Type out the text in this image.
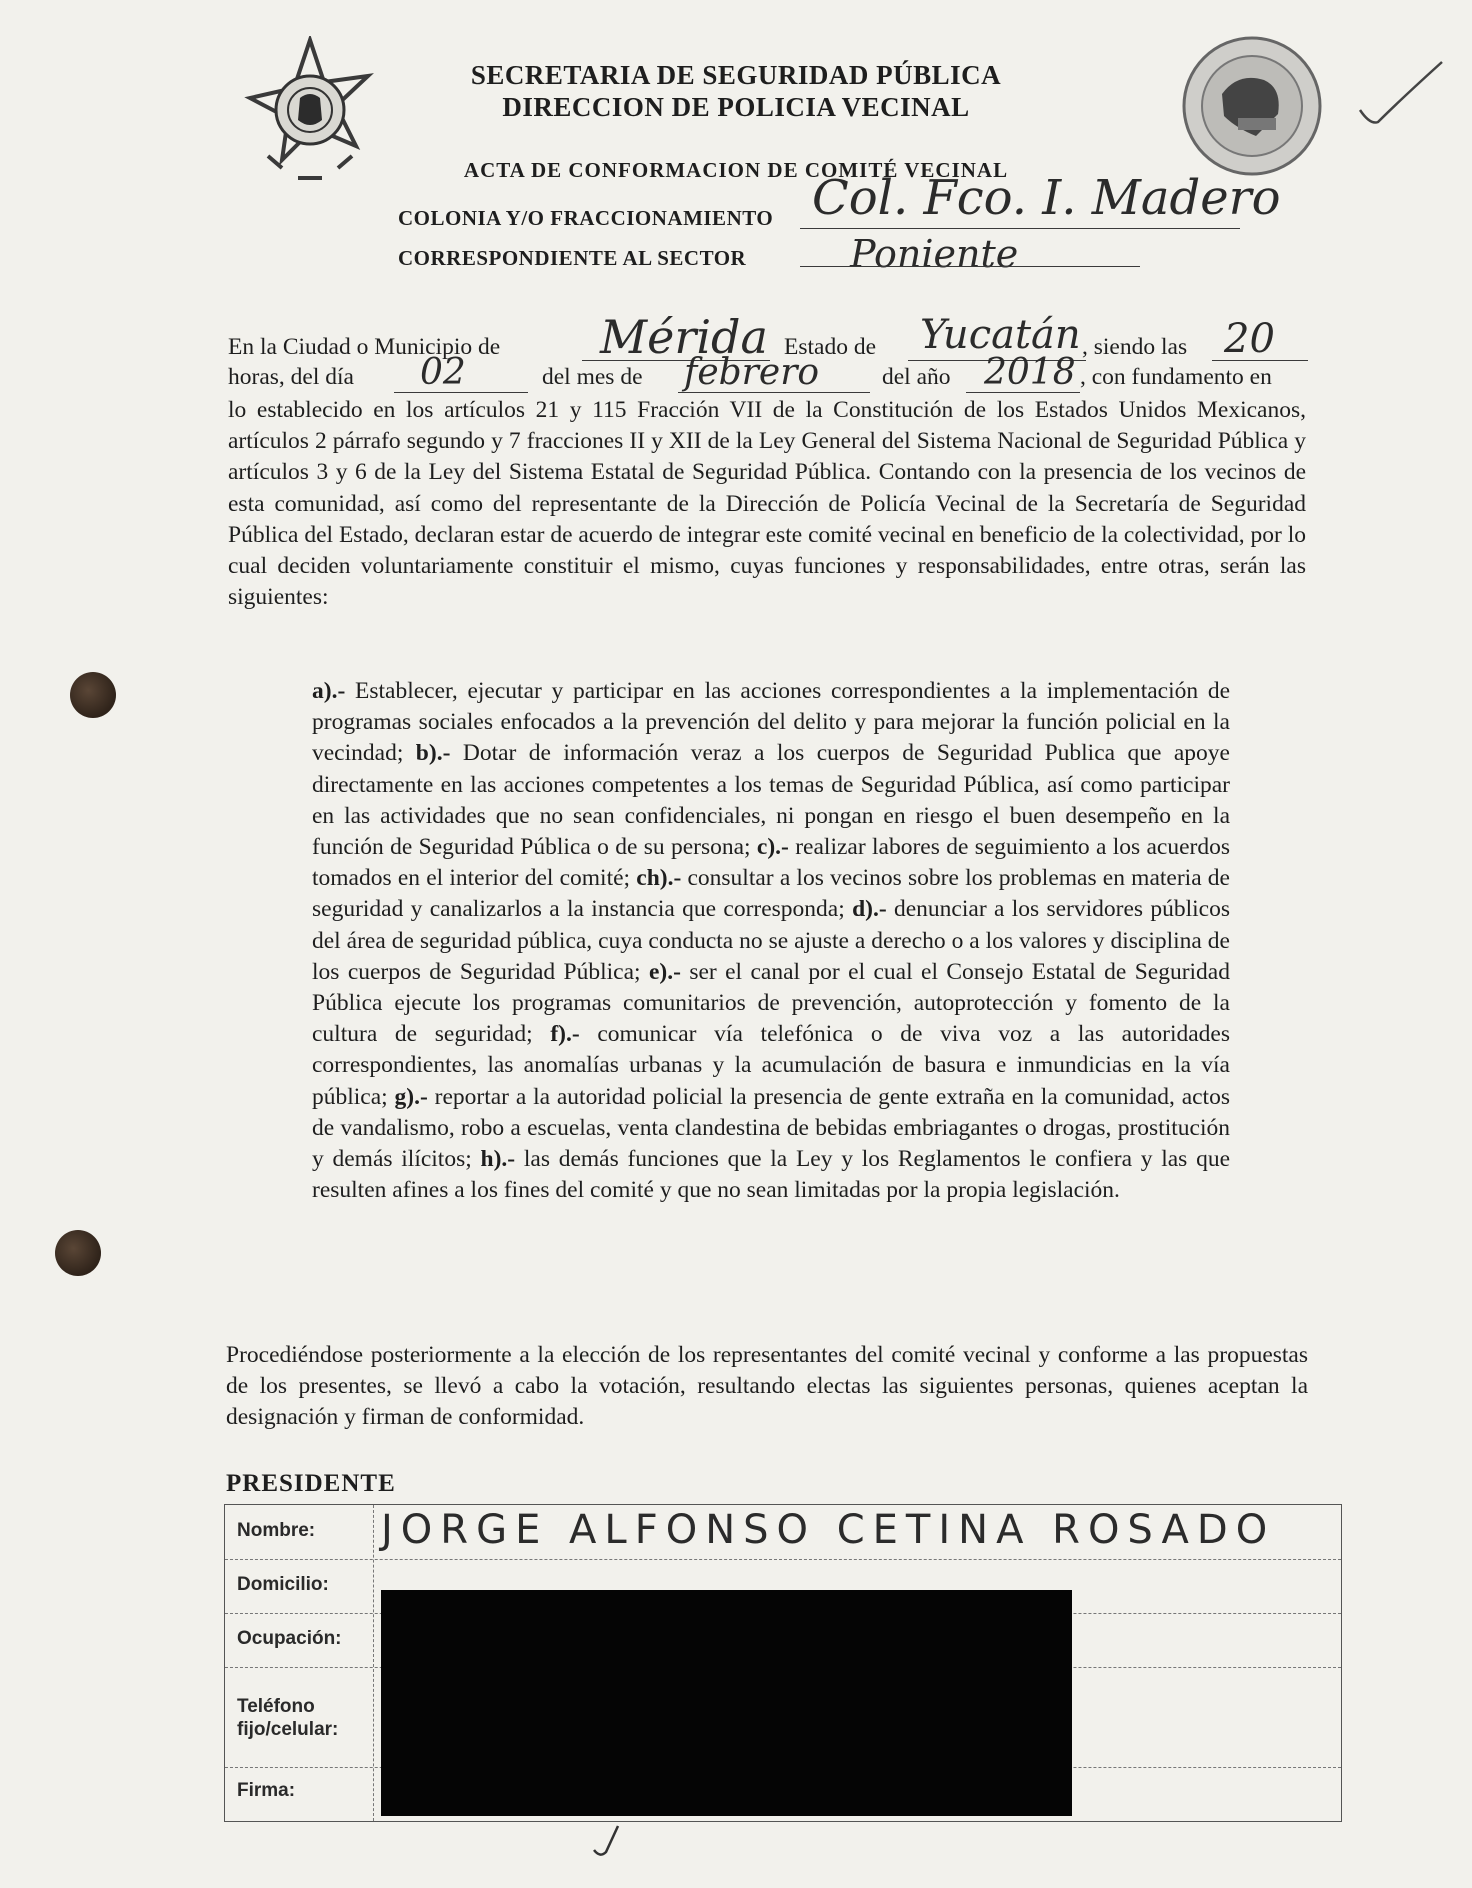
SECRETARIA DE SEGURIDAD PÚBLICA
DIRECCION DE POLICIA VECINAL
ACTA DE CONFORMACION DE COMITÉ VECINAL
COLONIA Y/O FRACCIONAMIENTO Col. Fco. I. Madero
CORRESPONDIENTE AL SECTOR	Poniente
En la Ciudad o Municipio de Mérida Estado de Yucatán , siendo las 20
horas, del día 02	del mes de febrero	del año 2018 , con fundamento en
lo establecido en los artículos 21 y 115 Fracción VII de la Constitución de los Estados Unidos Mexicanos, artículos 2 párrafo segundo y 7 fracciones II y XII de la Ley General del Sistema Nacional de Seguridad Pública y artículos 3 y 6 de la Ley del Sistema Estatal de Seguridad Pública. Contando con la presencia de los vecinos de esta comunidad, así como del representante de la Dirección de Policía Vecinal de la Secretaría de Seguridad Pública del Estado, declaran estar de acuerdo de integrar este comité vecinal en beneficio de la colectividad, por lo cual deciden voluntariamente constituir el mismo, cuyas funciones y responsabilidades, entre otras, serán las siguientes:
a).- Establecer, ejecutar y participar en las acciones correspondientes a la implementación de programas sociales enfocados a la prevención del delito y para mejorar la función policial en la vecindad; b).- Dotar de información veraz a los cuerpos de Seguridad Publica que apoye directamente en las acciones competentes a los temas de Seguridad Pública, así como participar en las actividades que no sean confidenciales, ni pongan en riesgo el buen desempeño en la función de Seguridad Pública o de su persona; c).- realizar labores de seguimiento a los acuerdos tomados en el interior del comité; ch).- consultar a los vecinos sobre los problemas en materia de seguridad y canalizarlos a la instancia que corresponda; d).- denunciar a los servidores públicos del área de seguridad pública, cuya conducta no se ajuste a derecho o a los valores y disciplina de los cuerpos de Seguridad Pública; e).- ser el canal por el cual el Consejo Estatal de Seguridad Pública ejecute los programas comunitarios de prevención, autoprotección y fomento de la cultura de seguridad; f).- comunicar vía telefónica o de viva voz a las autoridades correspondientes, las anomalías urbanas y la acumulación de basura e inmundicias en la vía pública; g).- reportar a la autoridad policial la presencia de gente extraña en la comunidad, actos de vandalismo, robo a escuelas, venta clandestina de bebidas embriagantes o drogas, prostitución y demás ilícitos; h).- las demás funciones que la Ley y los Reglamentos le confiera y las que resulten afines a los fines del comité y que no sean limitadas por la propia legislación.
Procediéndose posteriormente a la elección de los representantes del comité vecinal y conforme a las propuestas de los presentes, se llevó a cabo la votación, resultando electas las siguientes personas, quienes aceptan la designación y firman de conformidad.
PRESIDENTE
Nombre: JORGE ALFONSO CETINA ROSADO
Domicilio:
Ocupación:
Teléfono fijo/celular:
Firma:
